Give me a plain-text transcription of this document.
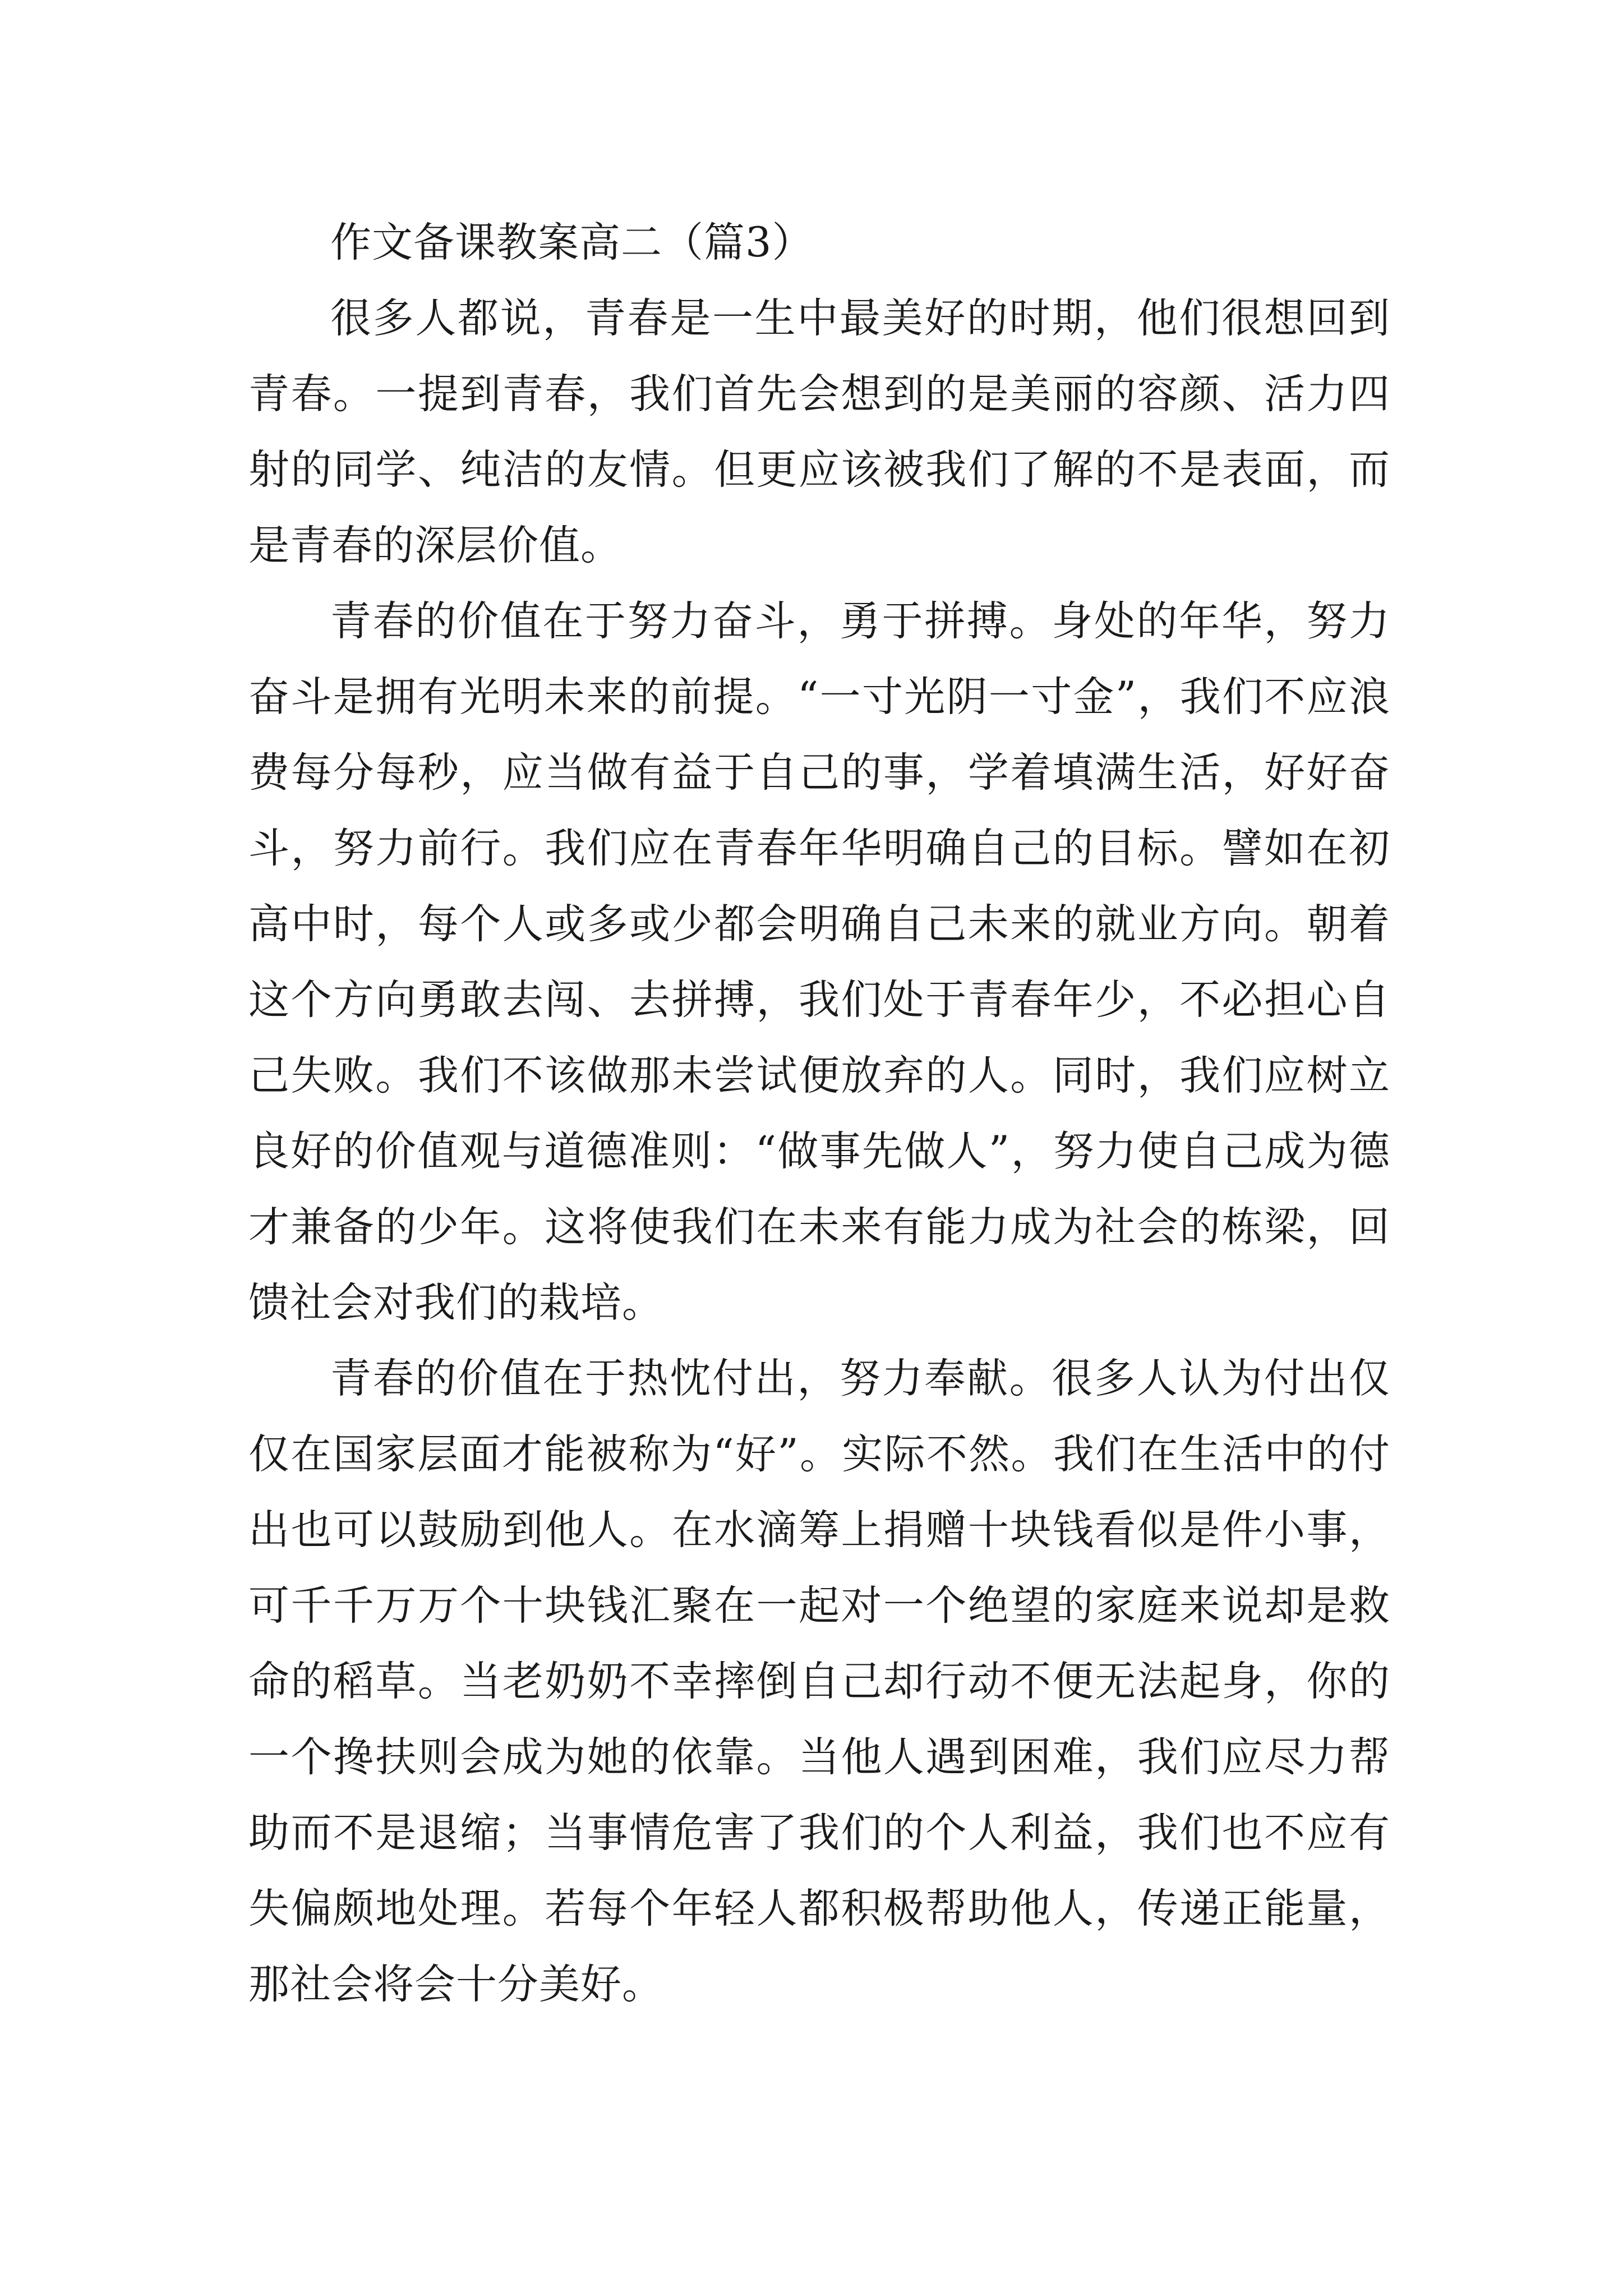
作文备课教案高二（篇3）

很多人都说，青春是一生中最美好的时期，他们很想回到青春。一提到青春，我们首先会想到的是美丽的容颜、活力四射的同学、纯洁的友情。但更应该被我们了解的不是表面，而是青春的深层价值。

青春的价值在于努力奋斗，勇于拼搏。身处的年华，努力奋斗是拥有光明未来的前提。“一寸光阴一寸金”，我们不应浪费每分每秒，应当做有益于自己的事，学着填满生活，好好奋斗，努力前行。我们应在青春年华明确自己的目标。譬如在初高中时，每个人或多或少都会明确自己未来的就业方向。朝着这个方向勇敢去闯、去拼搏，我们处于青春年少，不必担心自己失败。我们不该做那未尝试便放弃的人。同时，我们应树立良好的价值观与道德准则：“做事先做人”，努力使自己成为德才兼备的少年。这将使我们在未来有能力成为社会的栋梁，回馈社会对我们的栽培。

青春的价值在于热忱付出，努力奉献。很多人认为付出仅仅在国家层面才能被称为“好”。实际不然。我们在生活中的付出也可以鼓励到他人。在水滴筹上捐赠十块钱看似是件小事，可千千万万个十块钱汇聚在一起对一个绝望的家庭来说却是救命的稻草。当老奶奶不幸摔倒自己却行动不便无法起身，你的一个搀扶则会成为她的依靠。当他人遇到困难，我们应尽力帮助而不是退缩；当事情危害了我们的个人利益，我们也不应有失偏颇地处理。若每个年轻人都积极帮助他人，传递正能量，那社会将会十分美好。
